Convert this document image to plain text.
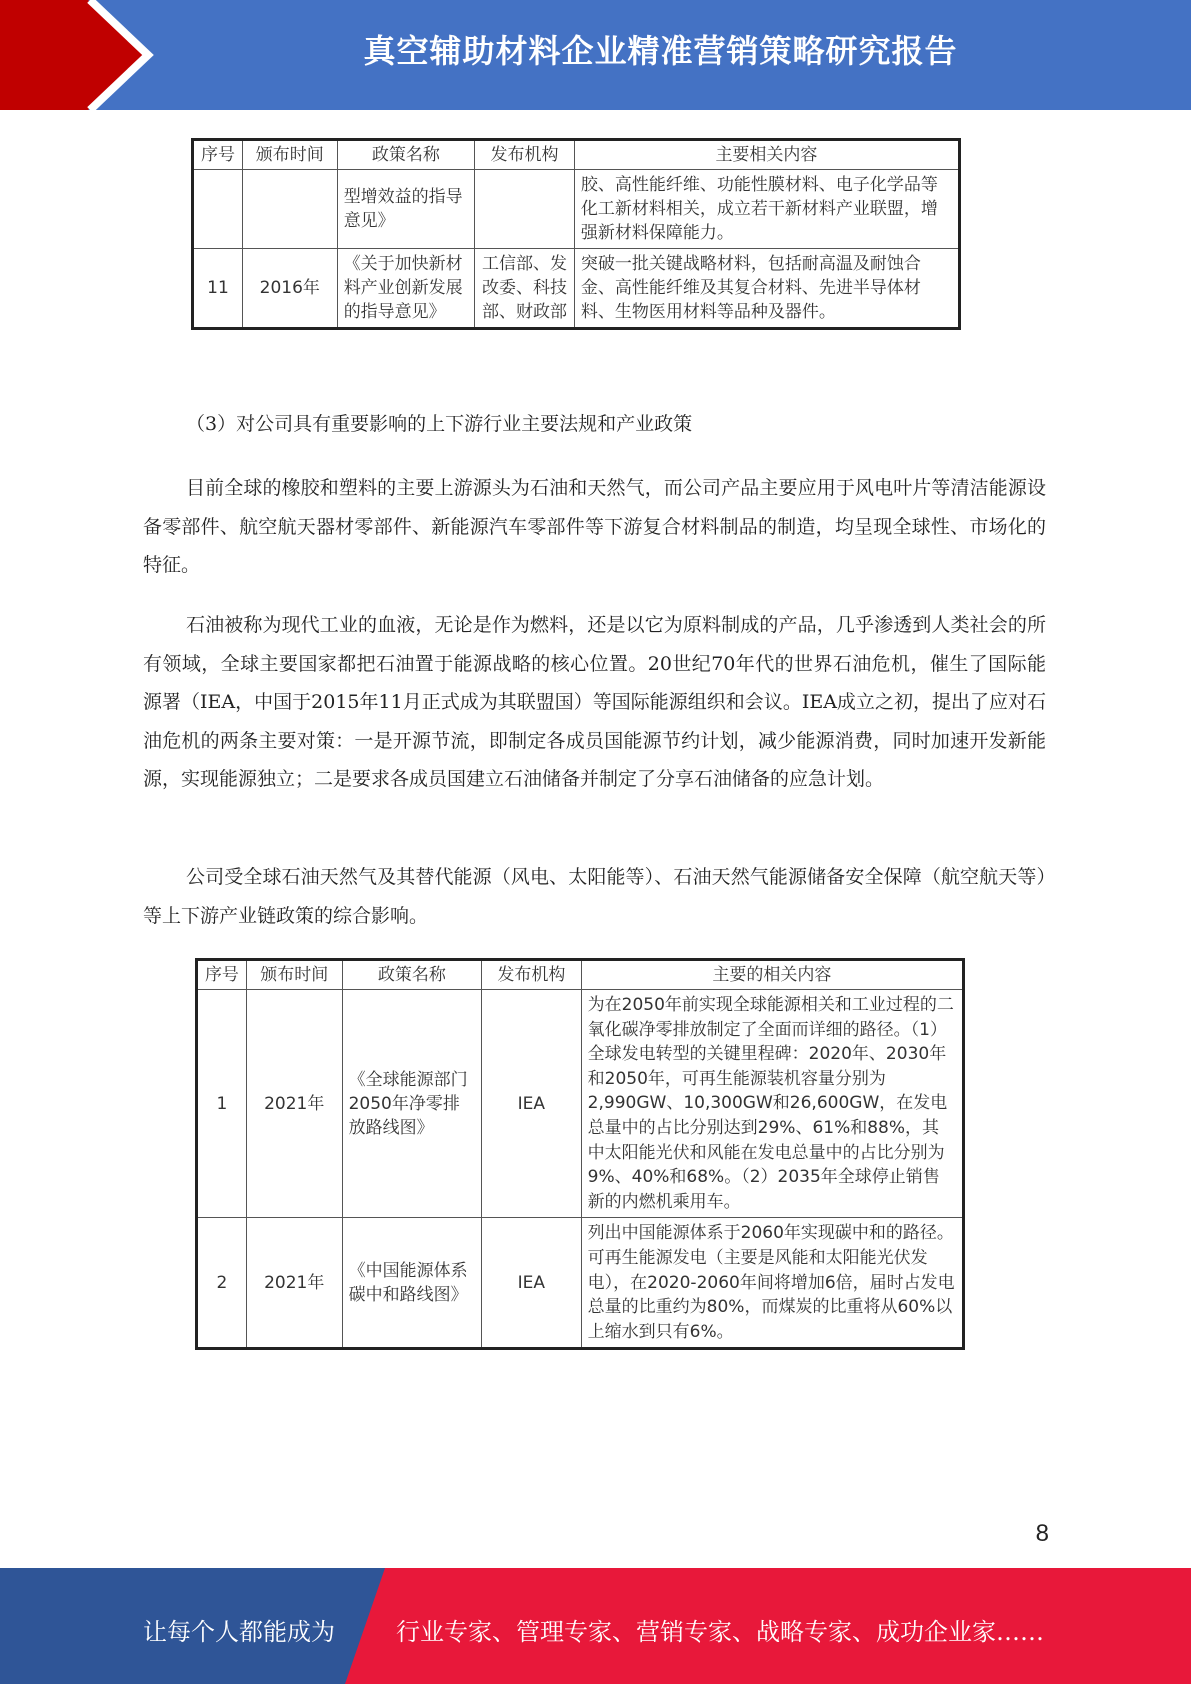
真空辅助材料企业精准营销策略研究报告
序号	颁布时间	政策名称	发布机构	主要相关内容
		型增效益的指导意见》		胶、高性能纤维、功能性膜材料、电子化学品等化工新材料相关，成立若干新材料产业联盟，增强新材料保障能力。
11	2016年	《关于加快新材料产业创新发展的指导意见》	工信部、发改委、科技部、财政部	突破一批关键战略材料，包括耐高温及耐蚀合金、高性能纤维及其复合材料、先进半导体材料、生物医用材料等品种及器件。

（3）对公司具有重要影响的上下游行业主要法规和产业政策

目前全球的橡胶和塑料的主要上游源头为石油和天然气，而公司产品主要应用于风电叶片等清洁能源设备零部件、航空航天器材零部件、新能源汽车零部件等下游复合材料制品的制造，均呈现全球性、市场化的特征。

石油被称为现代工业的血液，无论是作为燃料，还是以它为原料制成的产品，几乎渗透到人类社会的所有领域，全球主要国家都把石油置于能源战略的核心位置。20世纪70年代的世界石油危机，催生了国际能源署（IEA，中国于2015年11月正式成为其联盟国）等国际能源组织和会议。IEA成立之初，提出了应对石油危机的两条主要对策：一是开源节流，即制定各成员国能源节约计划，减少能源消费，同时加速开发新能源，实现能源独立；二是要求各成员国建立石油储备并制定了分享石油储备的应急计划。

公司受全球石油天然气及其替代能源（风电、太阳能等）、石油天然气能源储备安全保障（航空航天等）等上下游产业链政策的综合影响。

序号	颁布时间	政策名称	发布机构	主要的相关内容
1	2021年	《全球能源部门2050年净零排放路线图》	IEA	为在2050年前实现全球能源相关和工业过程的二氧化碳净零排放制定了全面而详细的路径。（1）全球发电转型的关键里程碑：2020年、2030年和2050年，可再生能源装机容量分别为2,990GW、10,300GW和26,600GW，在发电总量中的占比分别达到29%、61%和88%，其中太阳能光伏和风能在发电总量中的占比分别为9%、40%和68%。（2）2035年全球停止销售新的内燃机乘用车。
2	2021年	《中国能源体系碳中和路线图》	IEA	列出中国能源体系于2060年实现碳中和的路径。可再生能源发电（主要是风能和太阳能光伏发电），在2020-2060年间将增加6倍，届时占发电总量的比重约为80%，而煤炭的比重将从60%以上缩水到只有6%。
8
让每个人都能成为	行业专家、管理专家、营销专家、战略专家、成功企业家……
